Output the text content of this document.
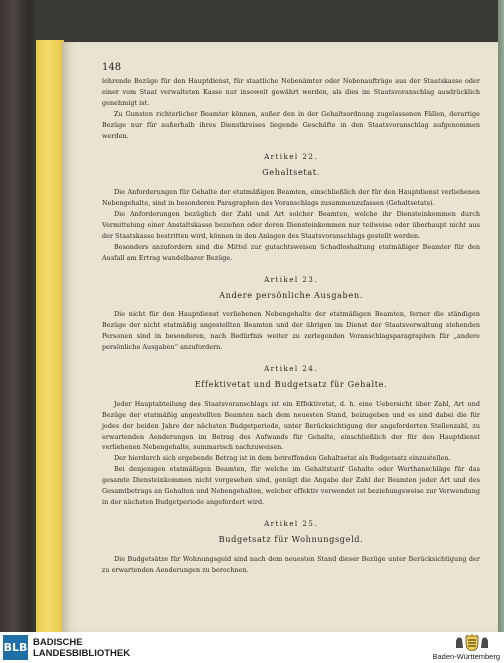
148

lehrende Bezüge für den Hauptdienst, für staatliche Nebenämter oder Nebenaufträge aus der Staatskasse oder einer vom Staat verwalteten Kasse nur insoweit gewährt werden, als dies im Staatsvoranschlag ausdrücklich genehmigt ist.

Zu Gunsten richterlicher Beamter können, außer den in der Gehaltsordnung zugelassenen Fällen, derartige Bezüge nur für außerhalb ihres Dienstkreises liegende Geschäfte in den Staatsvoranschlag aufgenommen werden.

Artikel 22.
Gehaltsetat.

Die Anforderungen für Gehalte der etatmäßigen Beamten, einschließlich der für den Hauptdienst verliehenen Nebengehalte, sind in besonderen Paragraphen des Voranschlags zusammenzufassen (Gehaltsetats).

Die Anforderungen bezüglich der Zahl und Art solcher Beamten, welche ihr Diensteinkommen durch Vermittelung einer Anstaltskasse beziehen oder deren Diensteinkommen nur teilweise oder überhaupt nicht aus der Staatskasse bestritten wird, können in den Anlagen des Staatsvoranschlags gestellt werden.

Besonders anzufordern sind die Mittel zur gutachtsweisen Schadloshaltung etatmäßiger Beamter für den Ausfall am Ertrag wandelbarer Bezüge.

Artikel 23.
Andere persönliche Ausgaben.

Die nicht für den Hauptdienst verliehenen Nebengehalte der etatmäßigen Beamten, ferner die ständigen Bezüge der nicht etatmäßig angestellten Beamten und der übrigen im Dienst der Staatsverwaltung stehenden Personen sind in besonderen, nach Bedürfnis weiter zu zerlegenden Voranschlagsparagraphen für „andere persönliche Ausgaben“ anzufordern.

Artikel 24.
Effektivetat und Budgetsatz für Gehalte.

Jeder Hauptabteilung des Staatsvoranschlags ist ein Effektivetat, d. h. eine Uebersicht über Zahl, Art und Bezüge der etatmäßig angestellten Beamten nach dem neuesten Stand, beizugeben und es sind dabei die für jedes der beiden Jahre der nächsten Budgetperiode, unter Berücksichtigung der angeforderten Stellenzahl, zu erwartenden Aenderungen im Betrag des Aufwands für Gehalte, einschließlich der für den Hauptdienst verliehenen Nebengehalte, summarisch nachzuweisen.

Der hierdurch sich ergebende Betrag ist in dem betreffenden Gehaltsetat als Budgetsatz einzustellen.

Bei denjenigen etatmäßigen Beamten, für welche im Gehaltstarif Gehalte oder Werthanschläge für das gesamte Diensteinkommen nicht vorgesehen sind, genügt die Angabe der Zahl der Beamten jeder Art und des Gesamtbetrags an Gehalten und Nebengehalten, welcher effektiv verwendet ist beziehungsweise zur Verwendung in der nächsten Budgetperiode angefordert wird.

Artikel 25.
Budgetsatz für Wohnungsgeld.

Die Budgetsätze für Wohnungsgeld sind nach dem neuesten Stand dieser Bezüge unter Berücksichtigung der zu erwartenden Aenderungen zu berechnen.

BLB BADISCHE
LANDESBIBLIOTHEK	Baden-Württemberg
